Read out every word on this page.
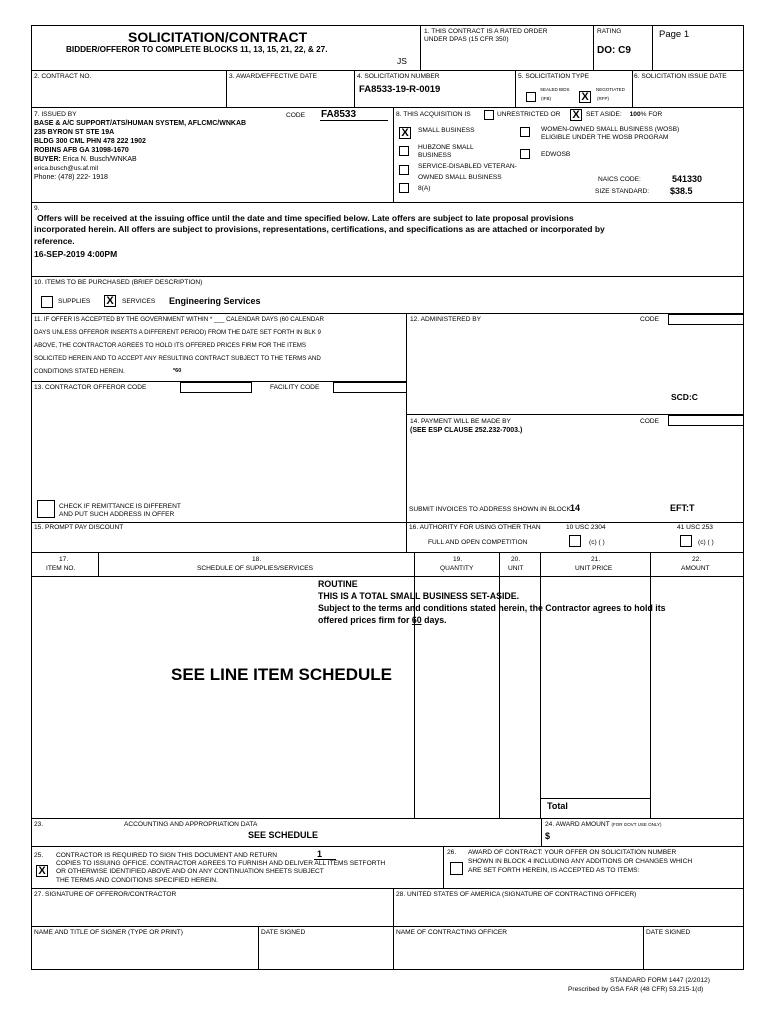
SOLICITATION/CONTRACT
BIDDER/OFFEROR TO COMPLETE BLOCKS 11, 13, 15, 21, 22, & 27.
JS
1. THIS CONTRACT IS A RATED ORDER
UNDER DPAS (15 CFR 350)
RATING
DO: C9
Page 1
2. CONTRACT NO.	3. AWARD/EFFECTIVE DATE	4. SOLICITATION NUMBER
FA8533-19-R-0019
5. SOLICITATION TYPE
SEALED BIDS
(IFB)	X
NEGOTIATED
(RFP)
6. SOLICITATION ISSUE DATE
7. ISSUED BY	CODE FA8533
BASE & A/C SUPPORT/ATS/HUMAN SYSTEM, AFLCMC/WNKAB
235 BYRON ST STE 19A
BLDG 300 CML PHN 478 222 1902
ROBINS AFB GA 31098-1670
BUYER: Erica N. Busch/WNKAB
erica.busch@us.af.mil
Phone: (478) 222- 1918
8. THIS ACQUISITION IS	UNRESTRICTED OR X SET ASIDE: 100% FOR
X	SMALL BUSINESS
HUBZONE SMALL
BUSINESS
SERVICE-DISABLED VETERAN-
OWNED SMALL BUSINESS
8(A)
WOMEN-OWNED SMALL BUSINESS (WOSB)
ELIGIBLE UNDER THE WOSB PROGRAM
EDWOSB
NAICS CODE:	541330
SIZE STANDARD: $38.5
9.
Offers will be received at the issuing office until the date and time specified below. Late offers are subject to late proposal provisions
incorporated herein. All offers are subject to provisions, representations, certifications, and specifications as are attached or incorporated by
reference.
16-SEP-2019 4:00PM
10. ITEMS TO BE PURCHASED (BRIEF DESCRIPTION)
SUPPLIES X	SERVICES Engineering Services
11. IF OFFER IS ACCEPTED BY THE GOVERNMENT WITHIN * ___ CALENDAR DAYS (60 CALENDAR
DAYS UNLESS OFFEROR INSERTS A DIFFERENT PERIOD) FROM THE DATE SET FORTH IN BLK 9
ABOVE, THE CONTRACTOR AGREES TO HOLD ITS OFFERED PRICES FIRM FOR THE ITEMS
SOLICITED HEREIN AND TO ACCEPT ANY RESULTING CONTRACT SUBJECT TO THE TERMS AND
CONDITIONS STATED HEREIN.	*60
12. ADMINISTERED BY	CODE
SCD:C
13. CONTRACTOR OFFEROR CODE	FACILITY CODE
CHECK IF REMITTANCE IS DIFFERENT
AND PUT SUCH ADDRESS IN OFFER
14. PAYMENT WILL BE MADE BY	CODE
(SEE ESP CLAUSE 252.232-7003.)
SUBMIT INVOICES TO ADDRESS SHOWN IN BLOCK:
14	EFT:T
15. PROMPT PAY DISCOUNT	16. AUTHORITY FOR USING OTHER THAN	10 USC 2304	41 USC 253
FULL AND OPEN COMPETITION	(c) ( )	(c) ( )
17.
ITEM NO.
18.
SCHEDULE OF SUPPLIES/SERVICES
19.
QUANTITY
20.
UNIT
21.
UNIT PRICE
22.
AMOUNT
ROUTINE
THIS IS A TOTAL SMALL BUSINESS SET-ASIDE.
Subject to the terms and conditions stated herein, the Contractor agrees to hold its
offered prices firm for 60 days.
SEE LINE ITEM SCHEDULE
Total
23.	ACCOUNTING AND APPROPRIATION DATA
SEE SCHEDULE
24. AWARD AMOUNT (FOR GOVT USE ONLY)
$
25. CONTRACTOR IS REQUIRED TO SIGN THIS DOCUMENT AND RETURN	1
X
COPIES TO ISSUING OFFICE. CONTRACTOR AGREES TO FURNISH AND DELIVER ALL ITEMS SETFORTH
OR OTHERWISE IDENTIFIED ABOVE AND ON ANY CONTINUATION SHEETS SUBJECT
THE TERMS AND CONDITIONS SPECIFIED HEREIN.
26. AWARD OF CONTRACT: YOUR OFFER ON SOLICITATION NUMBER
SHOWN IN BLOCK 4 INCLUDING ANY ADDITIONS OR CHANGES WHICH
ARE SET FORTH HEREIN, IS ACCEPTED AS TO ITEMS:
27. SIGNATURE OF OFFEROR/CONTRACTOR	28. UNITED STATES OF AMERICA (SIGNATURE OF CONTRACTING OFFICER)
NAME AND TITLE OF SIGNER (TYPE OR PRINT)	DATE SIGNED	NAME OF CONTRACTING OFFICER	DATE SIGNED
STANDARD FORM 1447 (2/2012)
Prescribed by GSA FAR (48 CFR) 53.215-1(d)
